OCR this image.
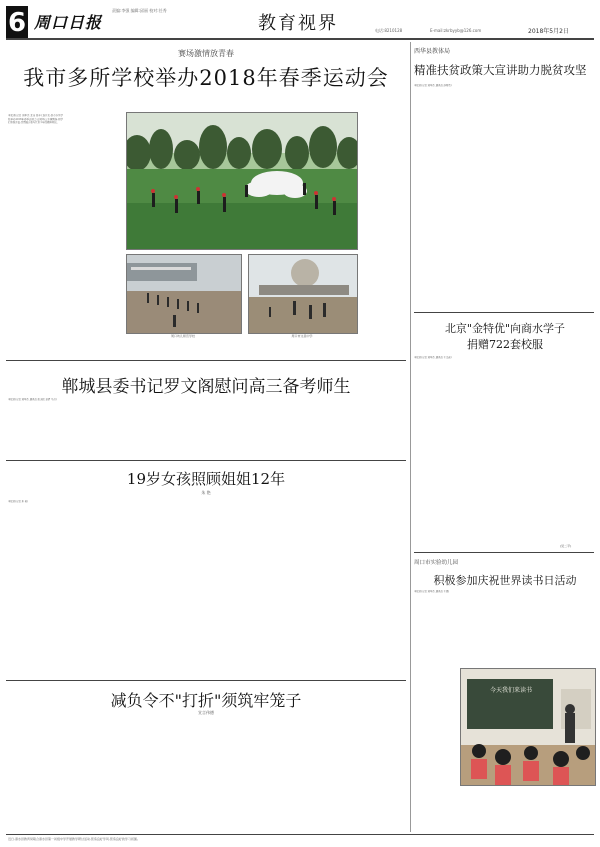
6 周口日报
责编:李强 编辑:邱丽 校对:任秀
教育视界	电话:8210128	E-mail:zkrbyyb@126.com	2018年5月2日
赛场激情放青春
我市多所学校举办2018年春季运动会
本报讯(记者 刘华杰 龙涛 张丰) 连日来,我市多所学校举办2018年春季运动会,运动场上彩旗飘扬,同学们青春洋溢,尽情展示着当代青少年的精神风貌。
周口幼儿师范学校	周口市文昌中学
郸城县委书记罗文阁慰问高三备考师生
本报讯(记者 刘华杰 通讯员 张永政 卓倩 马月)
19岁女孩照顾姐姐12年
朱 艳
本报讯(记者 朱 艳)
减负令不"打折"须筑牢笼子
宣言伟德
西华县教体局
精准扶贫政策大宣讲助力脱贫攻坚
本报讯(记者 刘华杰 通讯员 孙明亮)
北京"金特优"向商水学子
捐赠722套校服
本报讯(记者 刘华杰 通讯员 王文森)
(吴二平)
周口市实验幼儿园
积极参加庆祝世界读书日活动
本报讯(记者 刘华杰 通讯员 王德)
今天我们来读书
近日,商水县教育局联合商水县第一初级中学开展教学研讨活动,营造良好学风,营造良好的学习氛围。
